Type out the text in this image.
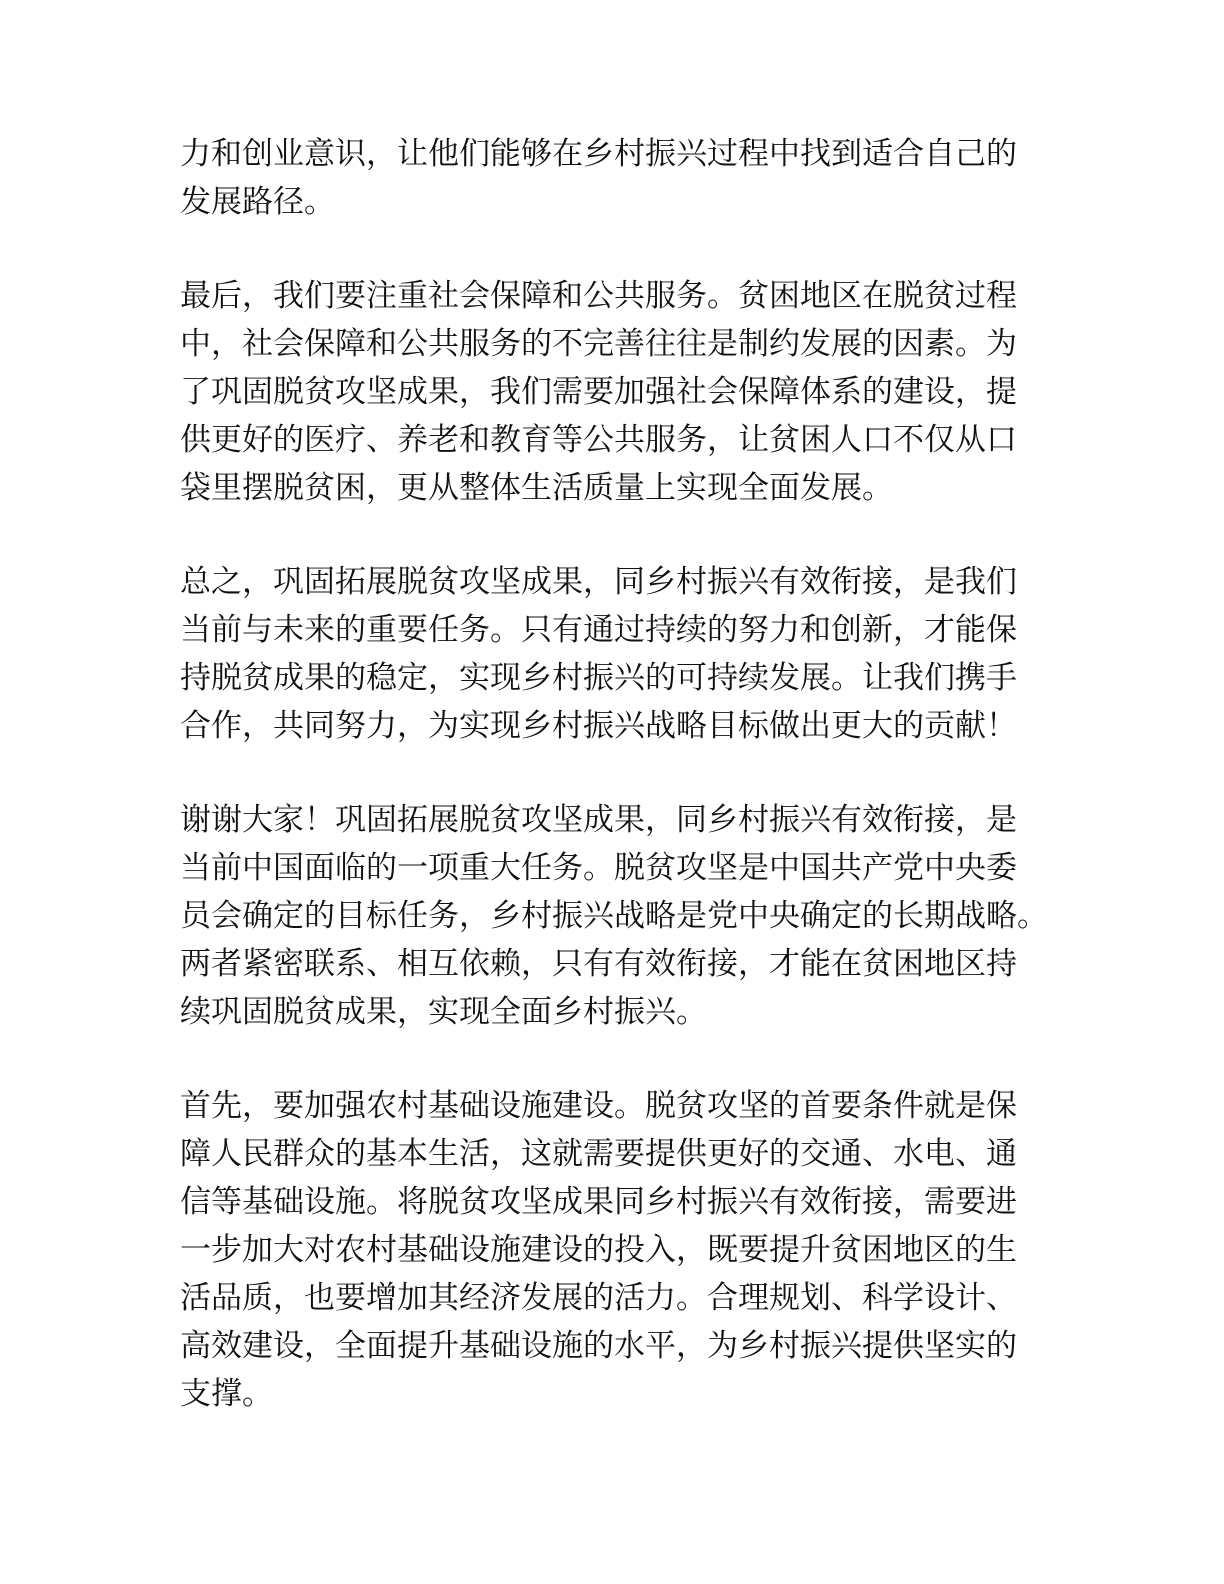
力和创业意识，让他们能够在乡村振兴过程中找到适合自己的
发展路径。
最后，我们要注重社会保障和公共服务。贫困地区在脱贫过程
中，社会保障和公共服务的不完善往往是制约发展的因素。为
了巩固脱贫攻坚成果，我们需要加强社会保障体系的建设，提
供更好的医疗、养老和教育等公共服务，让贫困人口不仅从口
袋里摆脱贫困，更从整体生活质量上实现全面发展。
总之，巩固拓展脱贫攻坚成果，同乡村振兴有效衔接，是我们
当前与未来的重要任务。只有通过持续的努力和创新，才能保
持脱贫成果的稳定，实现乡村振兴的可持续发展。让我们携手
合作，共同努力，为实现乡村振兴战略目标做出更大的贡献！
谢谢大家！巩固拓展脱贫攻坚成果，同乡村振兴有效衔接，是
当前中国面临的一项重大任务。脱贫攻坚是中国共产党中央委
员会确定的目标任务，乡村振兴战略是党中央确定的长期战略。
两者紧密联系、相互依赖，只有有效衔接，才能在贫困地区持
续巩固脱贫成果，实现全面乡村振兴。
首先，要加强农村基础设施建设。脱贫攻坚的首要条件就是保
障人民群众的基本生活，这就需要提供更好的交通、水电、通
信等基础设施。将脱贫攻坚成果同乡村振兴有效衔接，需要进
一步加大对农村基础设施建设的投入，既要提升贫困地区的生
活品质，也要增加其经济发展的活力。合理规划、科学设计、
高效建设，全面提升基础设施的水平，为乡村振兴提供坚实的
支撑。
